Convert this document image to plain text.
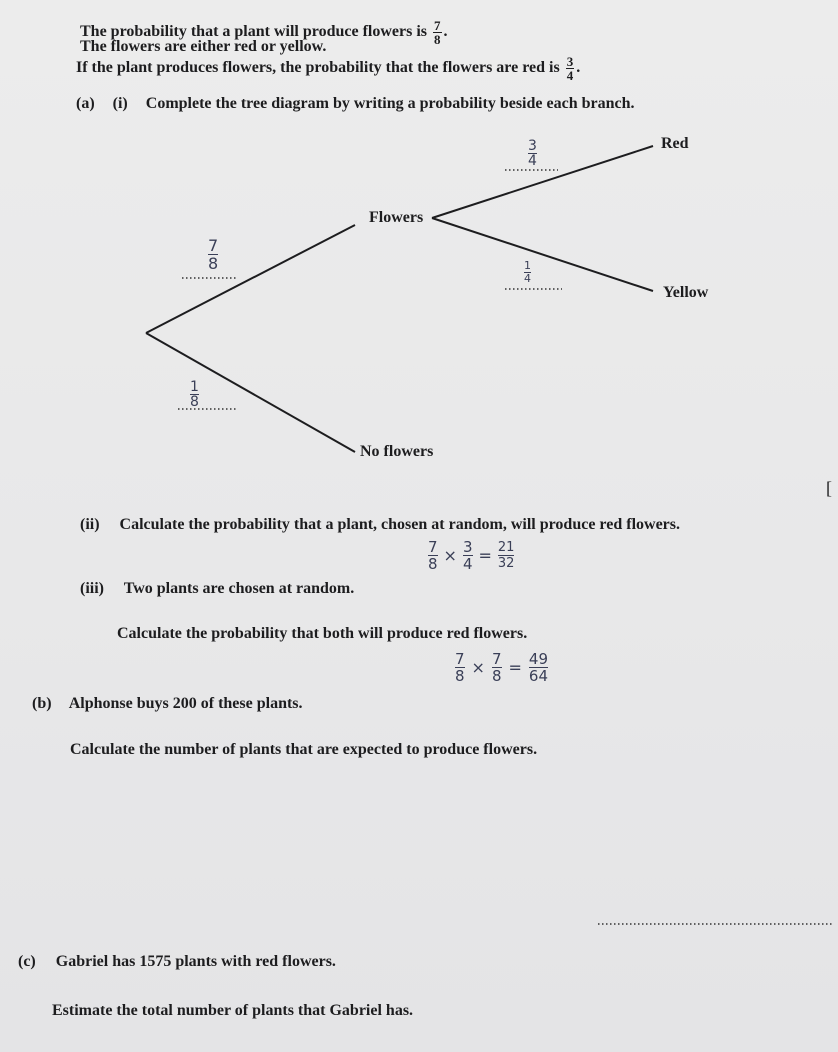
The probability that a plant will produce flowers is $\frac{7}{8}$ .
The flowers are either red or yellow.
If the plant produces flowers, the probability that the flowers are red is $\frac{3}{4}$ .
(a) (i) Complete the tree diagram by writing a probability beside each branch.
Flowers
No flowers
Red
Yellow
$\frac{3}{4}$
$\frac{7}{8}$
$\frac{1}{4}$
$\frac{1}{8}$
[
(ii) Calculate the probability that a plant, chosen at random, will produce red flowers.
$\frac{7}{8} \times \frac{3}{4} = \frac{21}{32}$
(iii) Two plants are chosen at random.
Calculate the probability that both will produce red flowers.
$\frac{7}{8} \times \frac{7}{8} = \frac{49}{64}$
(b) Alphonse buys 200 of these plants.
Calculate the number of plants that are expected to produce flowers.
(c) Gabriel has 1575 plants with red flowers.
Estimate the total number of plants that Gabriel has.
